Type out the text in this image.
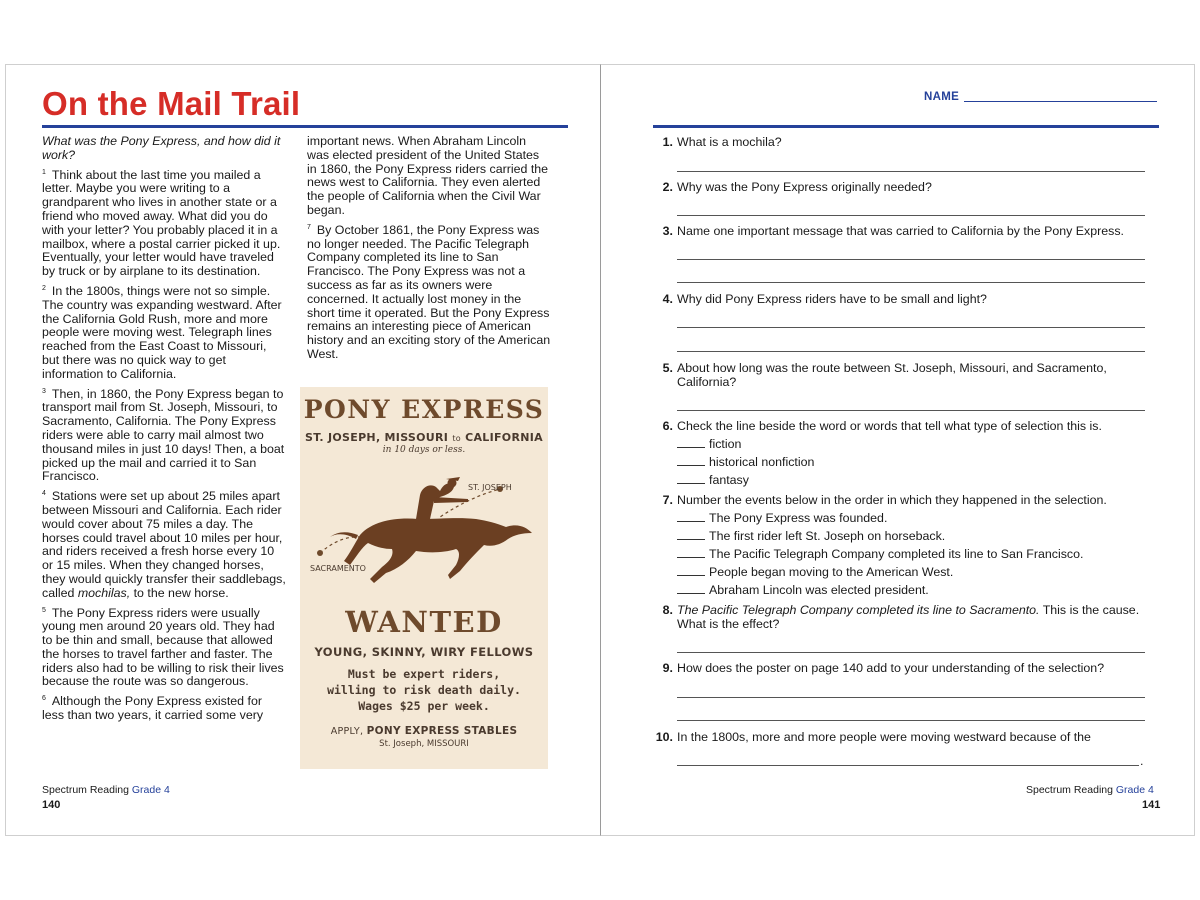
On the Mail Trail

What was the Pony Express, and how did it work?

$^1$ Think about the last time you mailed a letter. Maybe you were writing to a grandparent who lives in another state or a friend who moved away. What did you do with your letter? You probably placed it in a mailbox, where a postal carrier picked it up. Eventually, your letter would have traveled by truck or by airplane to its destination.

$^2$ In the 1800s, things were not so simple. The country was expanding westward. After the California Gold Rush, more and more people were moving west. Telegraph lines reached from the East Coast to Missouri, but there was no quick way to get information to California.

$^3$ Then, in 1860, the Pony Express began to transport mail from St. Joseph, Missouri, to Sacramento, California. The Pony Express riders were able to carry mail almost two thousand miles in just 10 days! Then, a boat picked up the mail and carried it to San Francisco.

$^4$ Stations were set up about 25 miles apart between Missouri and California. Each rider would cover about 75 miles a day. The horses could travel about 10 miles per hour, and riders received a fresh horse every 10 or 15 miles. When they changed horses, they would quickly transfer their saddlebags, called mochilas, to the new horse.

$^5$ The Pony Express riders were usually young men around 20 years old. They had to be thin and small, because that allowed the horses to travel farther and faster. The riders also had to be willing to risk their lives because the route was so dangerous.

$^6$ Although the Pony Express existed for less than two years, it carried some very

important news. When Abraham Lincoln was elected president of the United States in 1860, the Pony Express riders carried the news west to California. They even alerted the people of California when the Civil War began.

$^7$ By October 1861, the Pony Express was no longer needed. The Pacific Telegraph Company completed its line to San Francisco. The Pony Express was not a success as far as its owners were concerned. It actually lost money in the short time it operated. But the Pony Express remains an interesting piece of American history and an exciting story of the American West.

PONY EXPRESS
ST. JOSEPH, MISSOURI to CALIFORNIA
in 10 days or less.
ST. JOSEPH
SACRAMENTO
WANTED
YOUNG, SKINNY, WIRY FELLOWS
Must be expert riders,
willing to risk death daily.
Wages $25 per week.
APPLY, PONY EXPRESS STABLES
St. Joseph, MISSOURI
Spectrum Reading Grade 4
140
NAME
1. What is a mochila?
2. Why was the Pony Express originally needed?
3. Name one important message that was carried to California by the Pony Express.
4. Why did Pony Express riders have to be small and light?
5. About how long was the route between St. Joseph, Missouri, and Sacramento, California?
6. Check the line beside the word or words that tell what type of selection this is.
fiction
historical nonfiction
fantasy
7. Number the events below in the order in which they happened in the selection.
The Pony Express was founded.
The first rider left St. Joseph on horseback.
The Pacific Telegraph Company completed its line to San Francisco.
People began moving to the American West.
Abraham Lincoln was elected president.
8. The Pacific Telegraph Company completed its line to Sacramento. This is the cause. What is the effect?
9. How does the poster on page 140 add to your understanding of the selection?
10. In the 1800s, more and more people were moving westward because of the
.
Spectrum Reading Grade 4
141
